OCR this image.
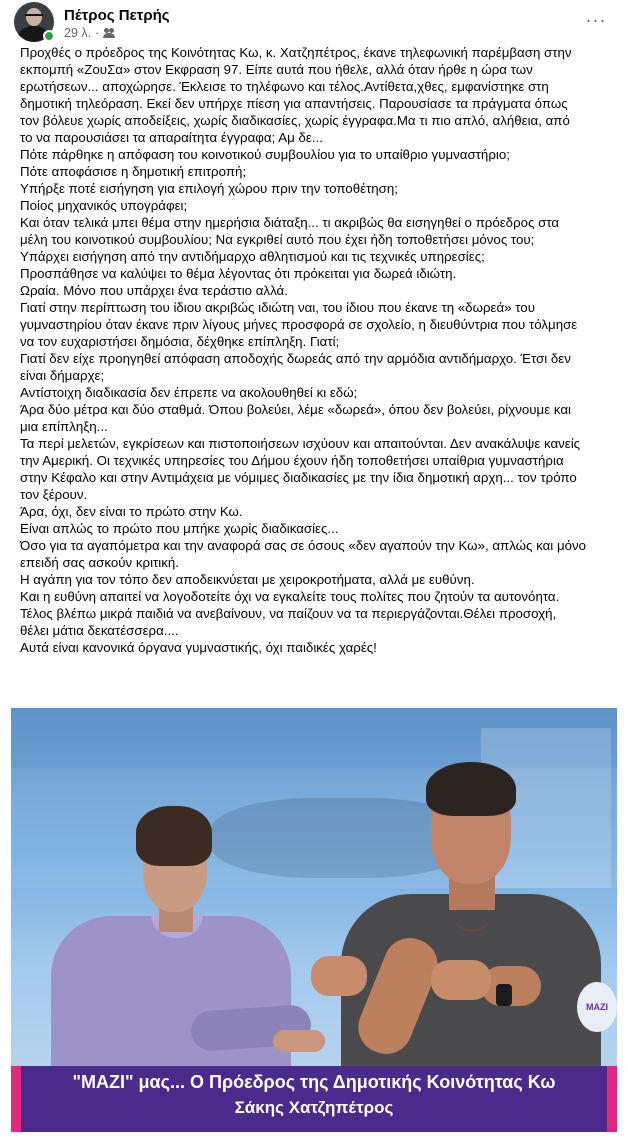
Πέτρος Πετρής
29 λ. ·
···

Προχθές ο πρόεδρος της Κοινότητας Κω, κ. Χατζηπέτρος, έκανε τηλεφωνική παρέμβαση στην

εκπομπή «ΖουΣα» στον Εκφραση 97. Είπε αυτά που ήθελε, αλλά όταν ήρθε η ώρα των

ερωτήσεων... αποχώρησε. Έκλεισε το τηλέφωνο και τέλος.Αντίθετα,χθες, εμφανίστηκε στη

δημοτική τηλεόραση. Εκεί δεν υπήρχε πίεση για απαντήσεις. Παρουσίασε τα πράγματα όπως

τον βόλευε χωρίς αποδείξεις, χωρίς διαδικασίες, χωρίς έγγραφα.Μα τι πιο απλό, αλήθεια, από

το να παρουσιάσει τα απαραίτητα έγγραφα; Αμ δε...

Πότε πάρθηκε η απόφαση του κοινοτικού συμβουλίου για το υπαίθριο γυμναστήριο;

Πότε αποφάσισε η δημοτική επιτροπή;

Υπήρξε ποτέ εισήγηση για επιλογή χώρου πριν την τοποθέτηση;

Ποίος μηχανικός υπογράφει;

Και όταν τελικά μπει θέμα στην ημερήσια διάταξη... τι ακριβώς θα εισηγηθεί ο πρόεδρος στα

μέλη του κοινοτικού συμβουλίου; Να εγκριθεί αυτό που έχει ήδη τοποθετήσει μόνος του;

Υπάρχει εισήγηση από την αντιδήμαρχο αθλητισμού και τις τεχνικές υπηρεσίες;

Προσπάθησε να καλύψει το θέμα λέγοντας ότι πρόκειται για δωρεά ιδιώτη.

Ωραία. Μόνο που υπάρχει ένα τεράστιο αλλά.

Γιατί στην περίπτωση του ίδιου ακριβώς ιδιώτη ναι, του ίδιου που έκανε τη «δωρεά» του

γυμναστηρίου όταν έκανε πριν λίγους μήνες προσφορά σε σχολείο, η διευθύντρια που τόλμησε

να τον ευχαριστήσει δημόσια, δέχθηκε επίπληξη. Γιατί;

Γιατί δεν είχε προηγηθεί απόφαση αποδοχής δωρεάς από την αρμόδια αντιδήμαρχο. Έτσι δεν

είναι δήμαρχε;

Αντίστοιχη διαδικασία δεν έπρεπε να ακολουθηθεί κι εδώ;

Άρα δύο μέτρα και δύο σταθμά. Όπου βολεύει, λέμε «δωρεά», όπου δεν βολεύει, ρίχνουμε και

μια επίπληξη...

Τα περί μελετών, εγκρίσεων και πιστοποιήσεων ισχύουν και απαιτούνται. Δεν ανακάλυψε κανείς

την Αμερική. Οι τεχνικές υπηρεσίες του Δήμου έχουν ήδη τοποθετήσει υπαίθρια γυμναστήρια

στην Κέφαλο και στην Αντιμάχεια με νόμιμες διαδικασίες με την ίδια δημοτική αρχη... τον τρόπο

τον ξέρουν.

Άρα, όχι, δεν είναι το πρώτο στην Κω.

Είναι απλώς το πρώτο που μπήκε χωρίς διαδικασίες...

Όσο για τα αγαπόμετρα και την αναφορά σας σε όσους «δεν αγαπούν την Κω», απλώς και μόνο

επειδή σας ασκούν κριτική.

Η αγάπη για τον τόπο δεν αποδεικνύεται με χειροκροτήματα, αλλά με ευθύνη.

Και η ευθύνη απαιτεί να λογοδοτείτε όχι να εγκαλείτε τους πολίτες που ζητούν τα αυτονόητα.

Τέλος βλέπω μικρά παιδιά να ανεβαίνουν, να παίζουν να τα περιεργάζονται.Θέλει προσοχή,

θέλει μάτια δεκατέσσερα....

Αυτά είναι κανονικά όργανα γυμναστικής, όχι παιδικές χαρές!

MAZI
"MAZI" μας... Ο Πρόεδρος της Δημοτικής Κοινότητας Κω
Σάκης Χατζηπέτρος
